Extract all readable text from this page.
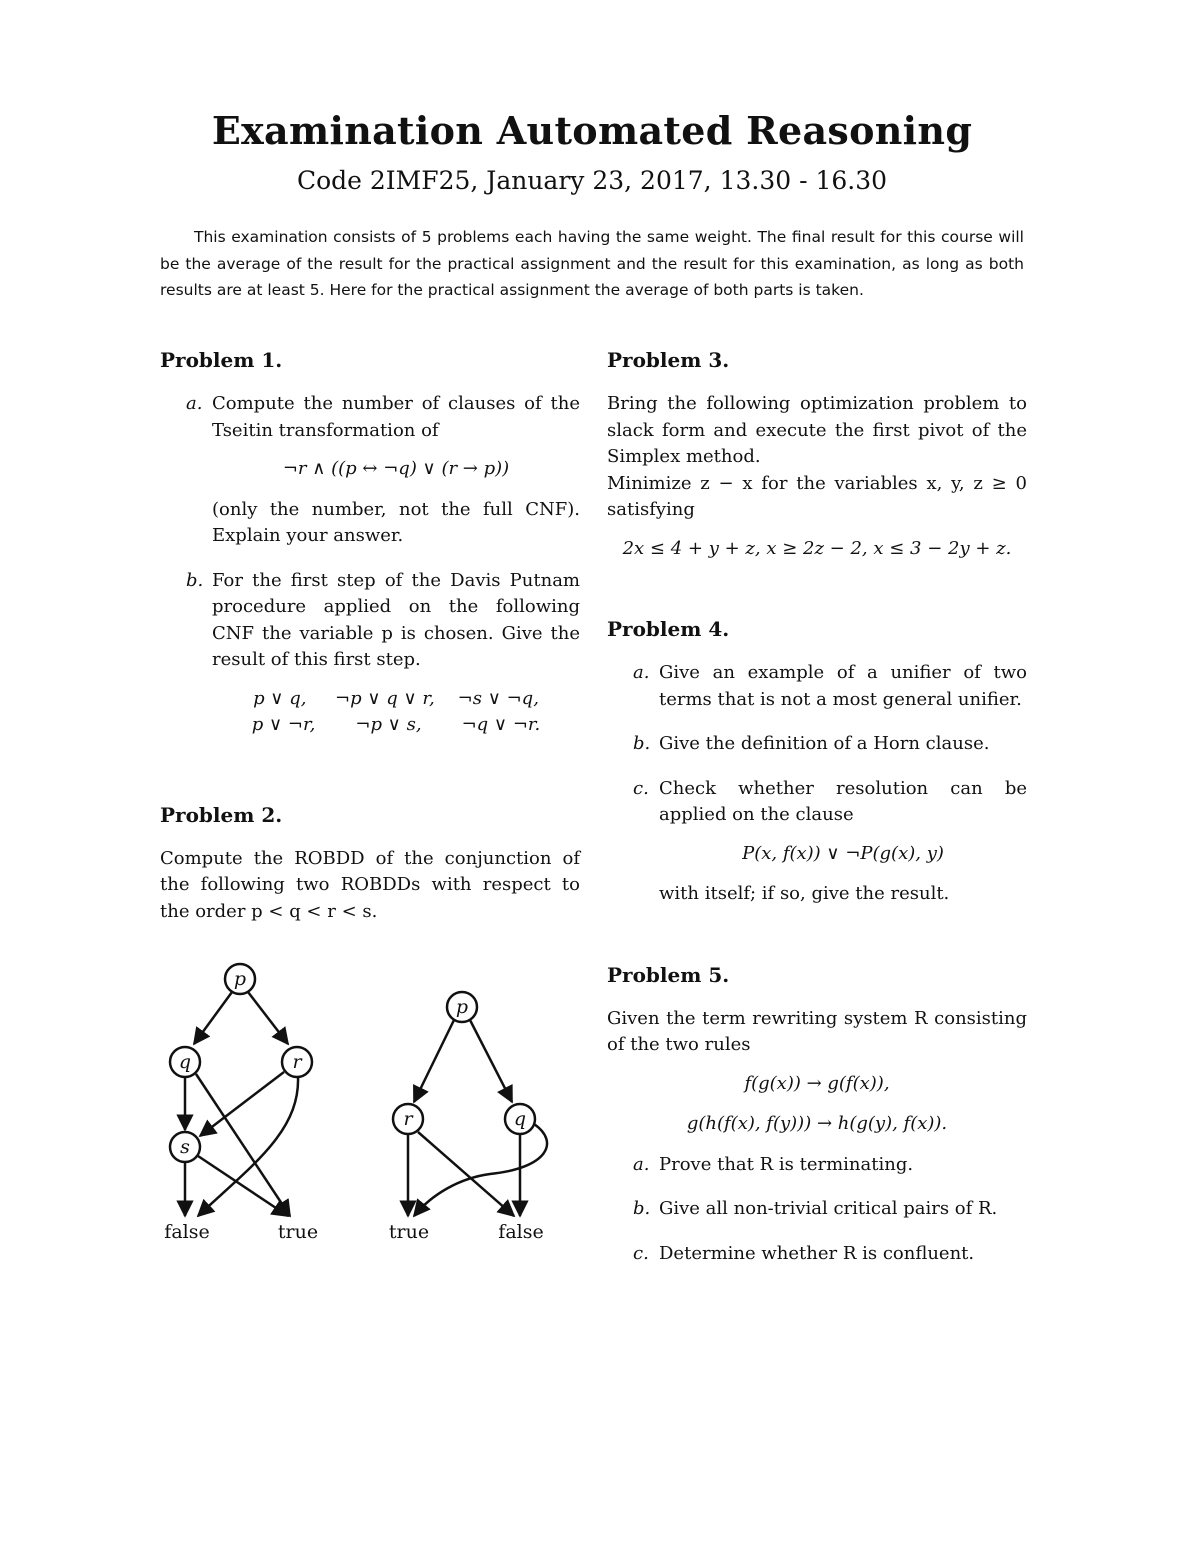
Examination Automated Reasoning
Code 2IMF25, January 23, 2017, 13.30 - 16.30

This examination consists of 5 problems each having the same weight. The final result for this course will be the average of the result for the practical assignment and the result for this examination, as long as both results are at least 5. Here for the practical assignment the average of both parts is taken.

Problem 1.
a. Compute the number of clauses of the Tseitin transformation of

¬r ∧ ((p ↔ ¬q) ∨ (r → p))

(only the number, not the full CNF). Explain your answer.

b. For the first step of the Davis Putnam procedure applied on the following CNF the variable p is chosen. Give the result of this first step.

p ∨ q,     ¬p ∨ q ∨ r,    ¬s ∨ ¬q,
p ∨ ¬r,       ¬p ∨ s,       ¬q ∨ ¬r.
Problem 2.

Compute the ROBDD of the conjunction of the following two ROBDDs with respect to the order p < q < r < s.

p
q	r
s
p
r	q
false	true	true	false
Problem 3.

Bring the following optimization problem to slack form and execute the first pivot of the Simplex method.

Minimize z − x for the variables x, y, z ≥ 0 satisfying

2x ≤ 4 + y + z, x ≥ 2z − 2, x ≤ 3 − 2y + z.
Problem 4.
a. Give an example of a unifier of two terms that is not a most general unifier.

b. Give the definition of a Horn clause.

c. Check whether resolution can be applied on the clause

P(x, f(x)) ∨ ¬P(g(x), y)

with itself; if so, give the result.

Problem 5.

Given the term rewriting system R consisting of the two rules

f(g(x)) → g(f(x)),
g(h(f(x), f(y))) → h(g(y), f(x)).
a. Prove that R is terminating.

b. Give all non-trivial critical pairs of R.

c. Determine whether R is confluent.
